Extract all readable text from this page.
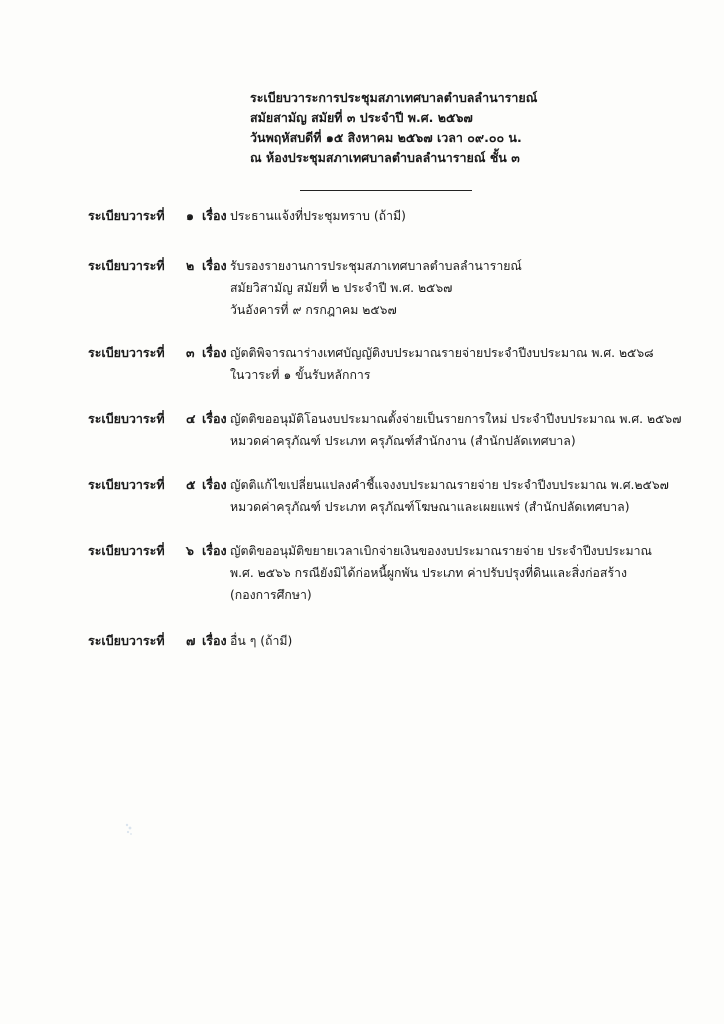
ระเบียบวาระการประชุมสภาเทศบาลตำบลลำนารายณ์

สมัยสามัญ สมัยที่ ๓ ประจำปี พ.ศ. ๒๕๖๗

วันพฤหัสบดีที่ ๑๕ สิงหาคม ๒๕๖๗ เวลา ๐๙.๐๐ น.

ณ ห้องประชุมสภาเทศบาลตำบลลำนารายณ์ ชั้น ๓

ระเบียบวาระที่ ๑ เรื่อง ประธานแจ้งที่ประชุมทราบ (ถ้ามี)

ระเบียบวาระที่ ๒ เรื่อง รับรองรายงานการประชุมสภาเทศบาลตำบลลำนารายณ์

สมัยวิสามัญ สมัยที่ ๒ ประจำปี พ.ศ. ๒๕๖๗

วันอังคารที่ ๙ กรกฎาคม ๒๕๖๗

ระเบียบวาระที่ ๓ เรื่อง ญัตติพิจารณาร่างเทศบัญญัติงบประมาณรายจ่ายประจำปีงบประมาณ พ.ศ. ๒๕๖๘

ในวาระที่ ๑ ขั้นรับหลักการ

ระเบียบวาระที่ ๔ เรื่อง ญัตติขออนุมัติโอนงบประมาณตั้งจ่ายเป็นรายการใหม่ ประจำปีงบประมาณ พ.ศ. ๒๕๖๗

หมวดค่าครุภัณฑ์ ประเภท ครุภัณฑ์สำนักงาน (สำนักปลัดเทศบาล)

ระเบียบวาระที่ ๕ เรื่อง ญัตติแก้ไขเปลี่ยนแปลงคำชี้แจงงบประมาณรายจ่าย ประจำปีงบประมาณ พ.ศ.๒๕๖๗

หมวดค่าครุภัณฑ์ ประเภท ครุภัณฑ์โฆษณาและเผยแพร่ (สำนักปลัดเทศบาล)

ระเบียบวาระที่ ๖ เรื่อง ญัตติขออนุมัติขยายเวลาเบิกจ่ายเงินของงบประมาณรายจ่าย ประจำปีงบประมาณ

พ.ศ. ๒๕๖๖ กรณียังมิได้ก่อหนี้ผูกพัน ประเภท ค่าปรับปรุงที่ดินและสิ่งก่อสร้าง

(กองการศึกษา)

ระเบียบวาระที่ ๗ เรื่อง อื่น ๆ (ถ้ามี)
